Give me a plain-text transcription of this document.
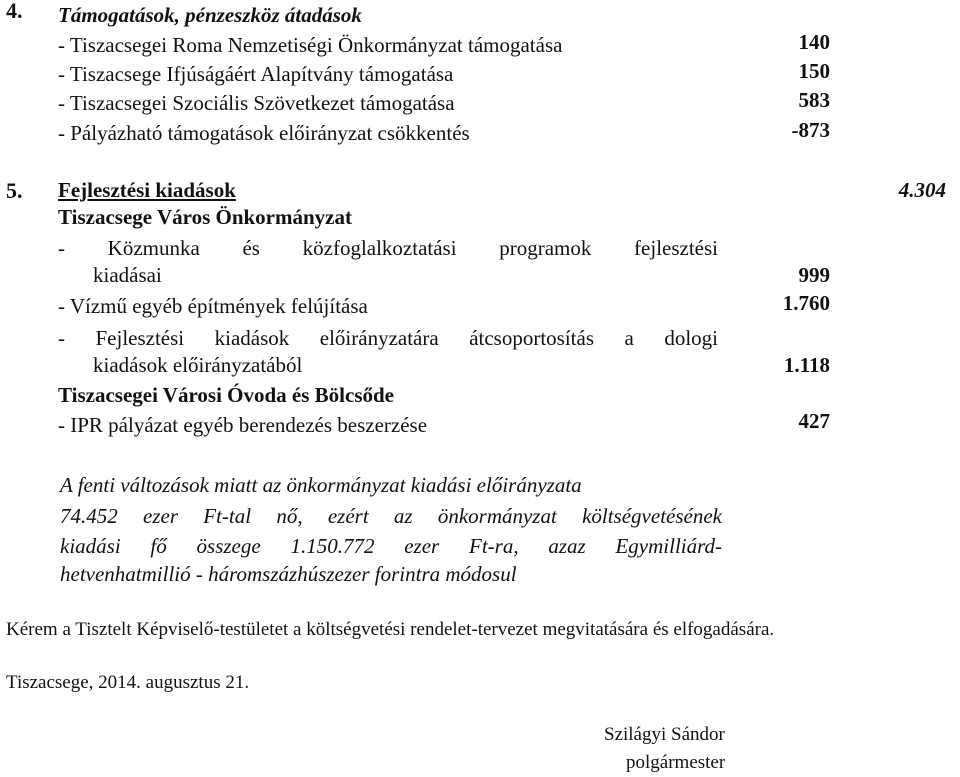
4. Támogatások, pénzeszköz átadások
- Tiszacsegei Roma Nemzetiségi Önkormányzat támogatása	140
- Tiszacsege Ifjúságáért Alapítvány támogatása	150
- Tiszacsegei Szociális Szövetkezet támogatása	583
- Pályázható támogatások előirányzat csökkentés	-873
5. Fejlesztési kiadások	4.304
Tiszacsege Város Önkormányzat
- Közmunka és közfoglalkoztatási programok fejlesztési
kiadásai	999
- Vízmű egyéb építmények felújítása	1.760
- Fejlesztési kiadások előirányzatára átcsoportosítás a dologi
kiadások előirányzatából	1.118
Tiszacsegei Városi Óvoda és Bölcsőde
- IPR pályázat egyéb berendezés beszerzése	427
A fenti változások miatt az önkormányzat kiadási előirányzata
74.452 ezer Ft-tal nő, ezért az önkormányzat költségvetésének
kiadási fő összege 1.150.772 ezer Ft-ra, azaz Egymilliárd-
hetvenhatmillió - háromszázhúszezer forintra módosul
Kérem a Tisztelt Képviselő-testületet a költségvetési rendelet-tervezet megvitatására és elfogadására.
Tiszacsege, 2014. augusztus 21.
Szilágyi Sándor
polgármester
